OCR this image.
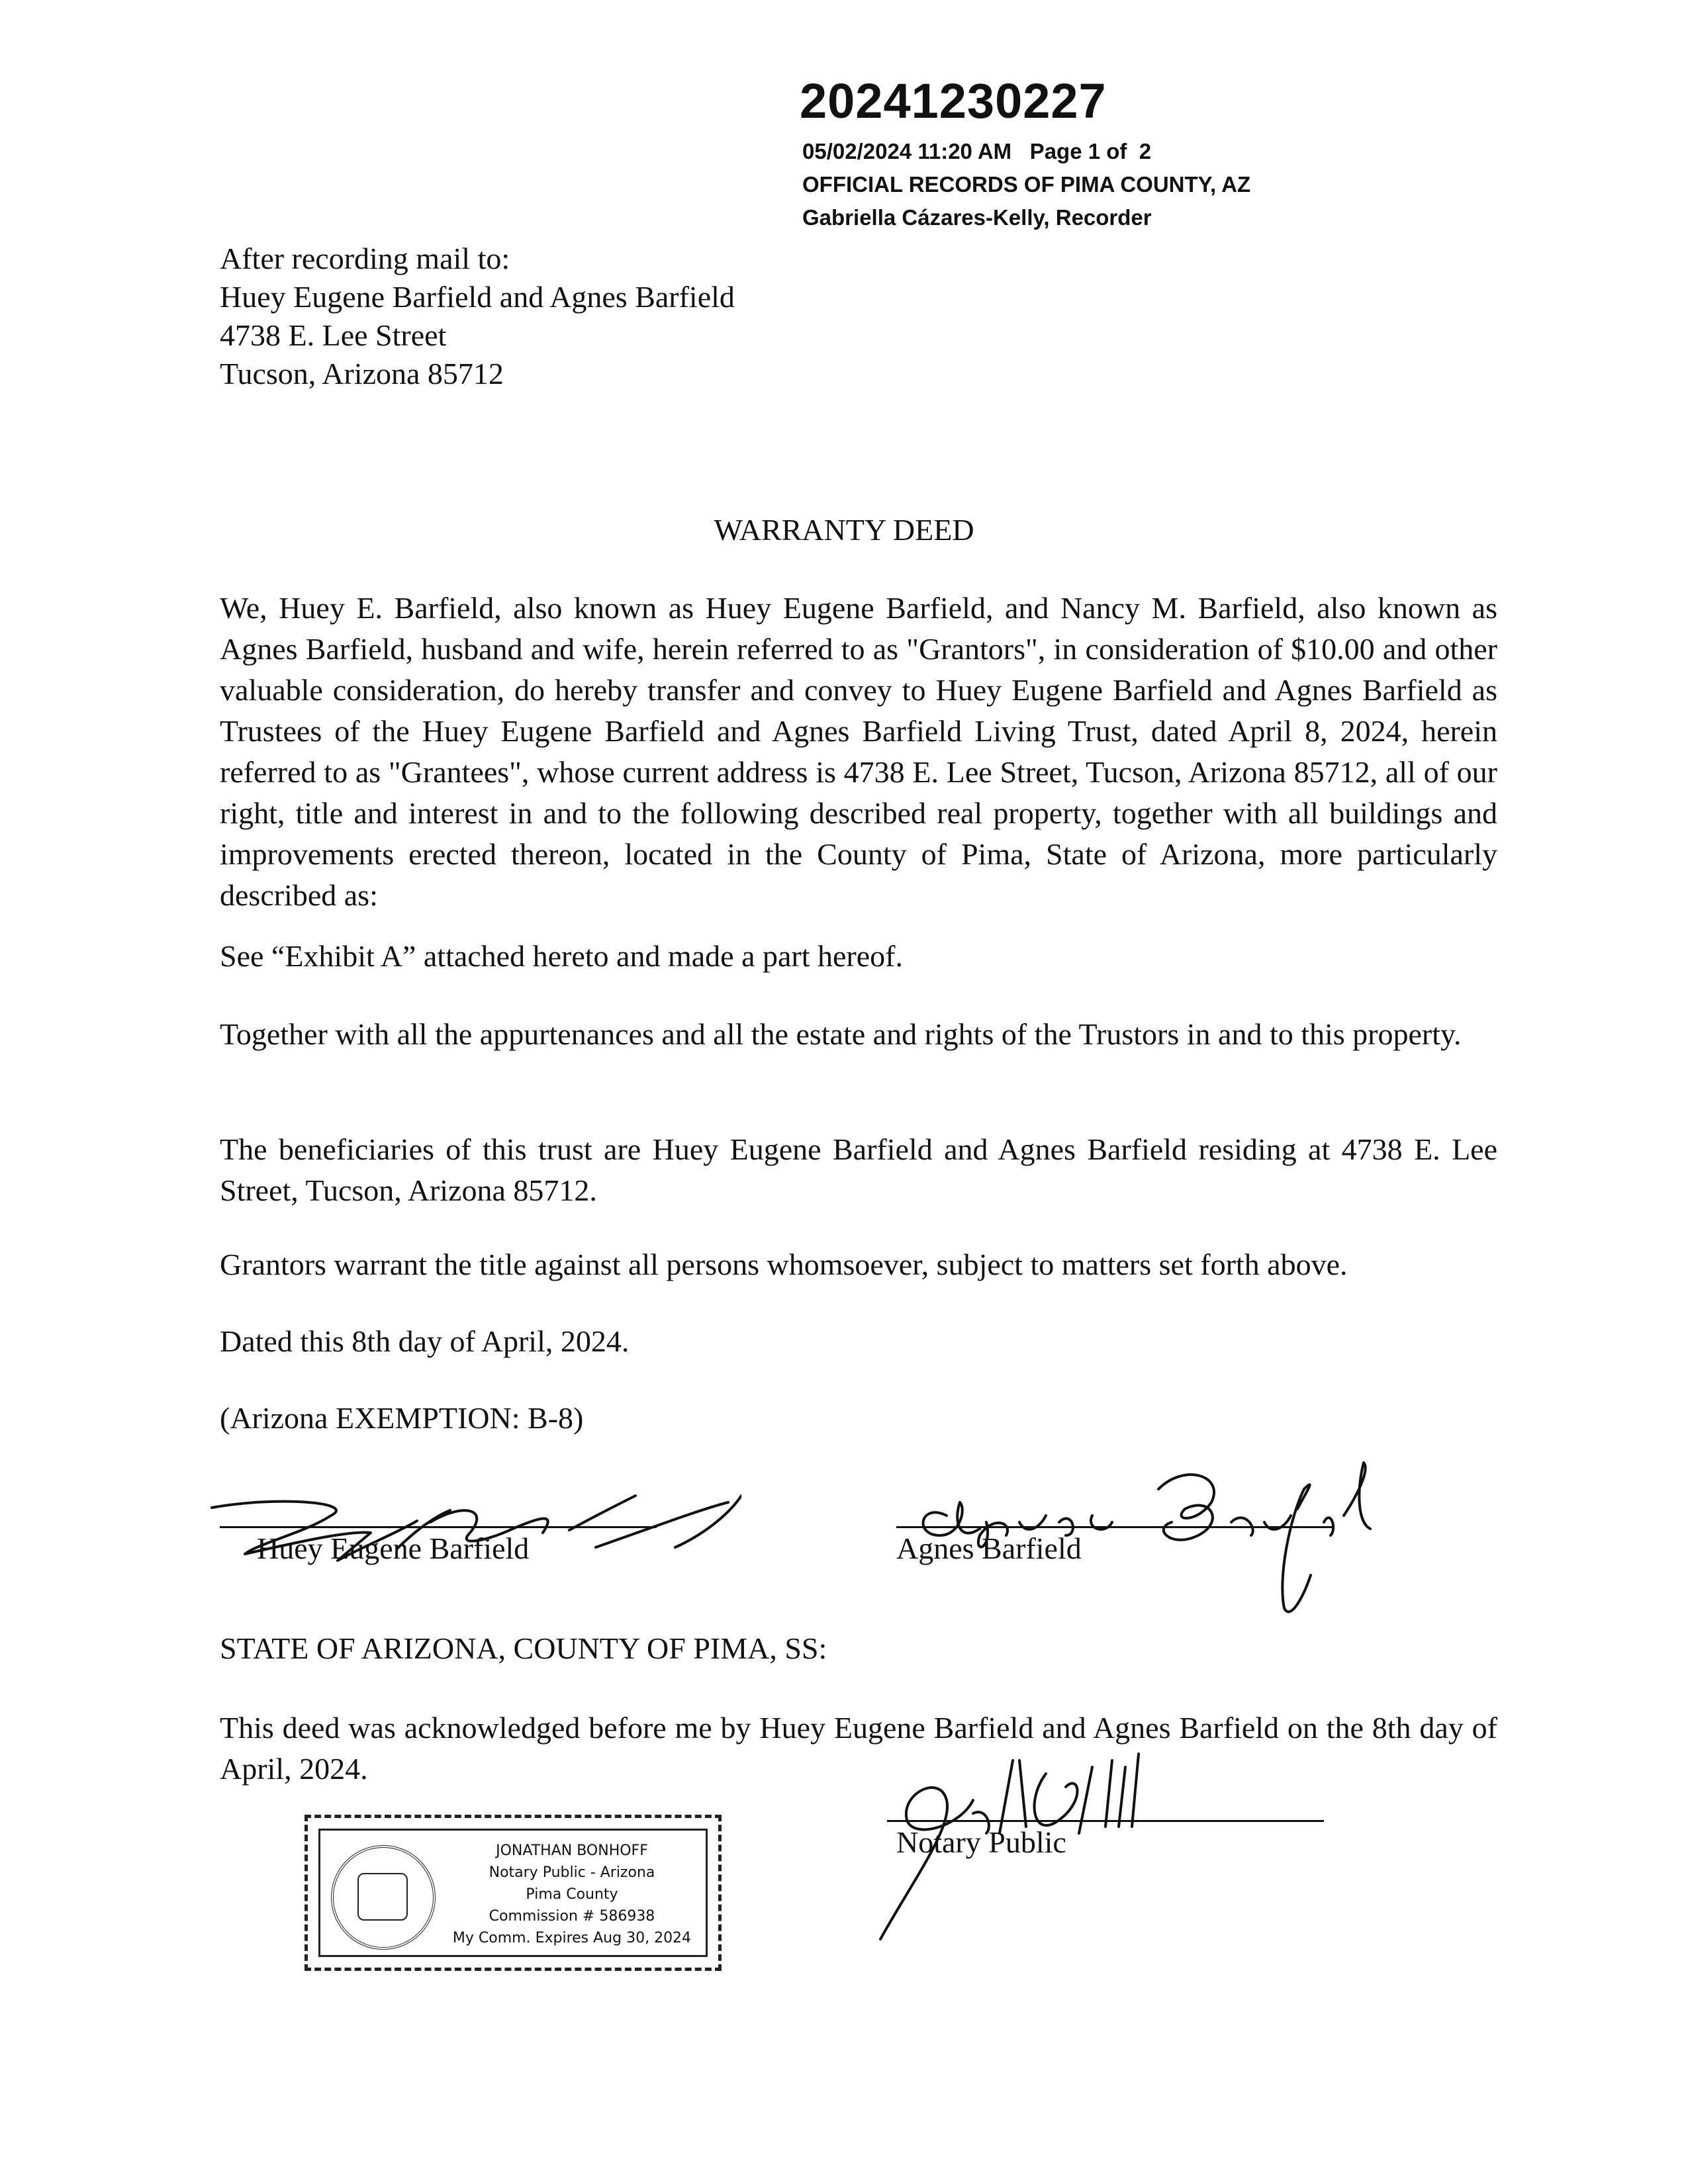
20241230227
05/02/2024 11:20 AM   Page 1 of  2
OFFICIAL RECORDS OF PIMA COUNTY, AZ
Gabriella Cázares-Kelly, Recorder
After recording mail to:
Huey Eugene Barfield and Agnes Barfield
4738 E. Lee Street
Tucson, Arizona 85712
WARRANTY DEED
We, Huey E. Barfield, also known as Huey Eugene Barfield, and Nancy M. Barfield, also known as Agnes Barfield, husband and wife, herein referred to as "Grantors", in consideration of $10.00 and other valuable consideration, do hereby transfer and convey to Huey Eugene Barfield and Agnes Barfield as Trustees of the Huey Eugene Barfield and Agnes Barfield Living Trust, dated April 8, 2024, herein referred to as "Grantees", whose current address is 4738 E. Lee Street, Tucson, Arizona 85712, all of our right, title and interest in and to the following described real property, together with all buildings and improvements erected thereon, located in the County of Pima, State of Arizona, more particularly described as:
See “Exhibit A” attached hereto and made a part hereof.
Together with all the appurtenances and all the estate and rights of the Trustors in and to this property.
The beneficiaries of this trust are Huey Eugene Barfield and Agnes Barfield residing at 4738 E. Lee Street, Tucson, Arizona 85712.
Grantors warrant the title against all persons whomsoever, subject to matters set forth above.
Dated this 8th day of April, 2024.
(Arizona EXEMPTION: B-8)
Huey Eugene Barfield	Agnes Barfield
STATE OF ARIZONA, COUNTY OF PIMA, SS:
This deed was acknowledged before me by Huey Eugene Barfield and Agnes Barfield on the 8th day of April, 2024.
JONATHAN BONHOFF
Notary Public - Arizona
Pima County
Commission # 586938
My Comm. Expires Aug 30, 2024
Notary Public
